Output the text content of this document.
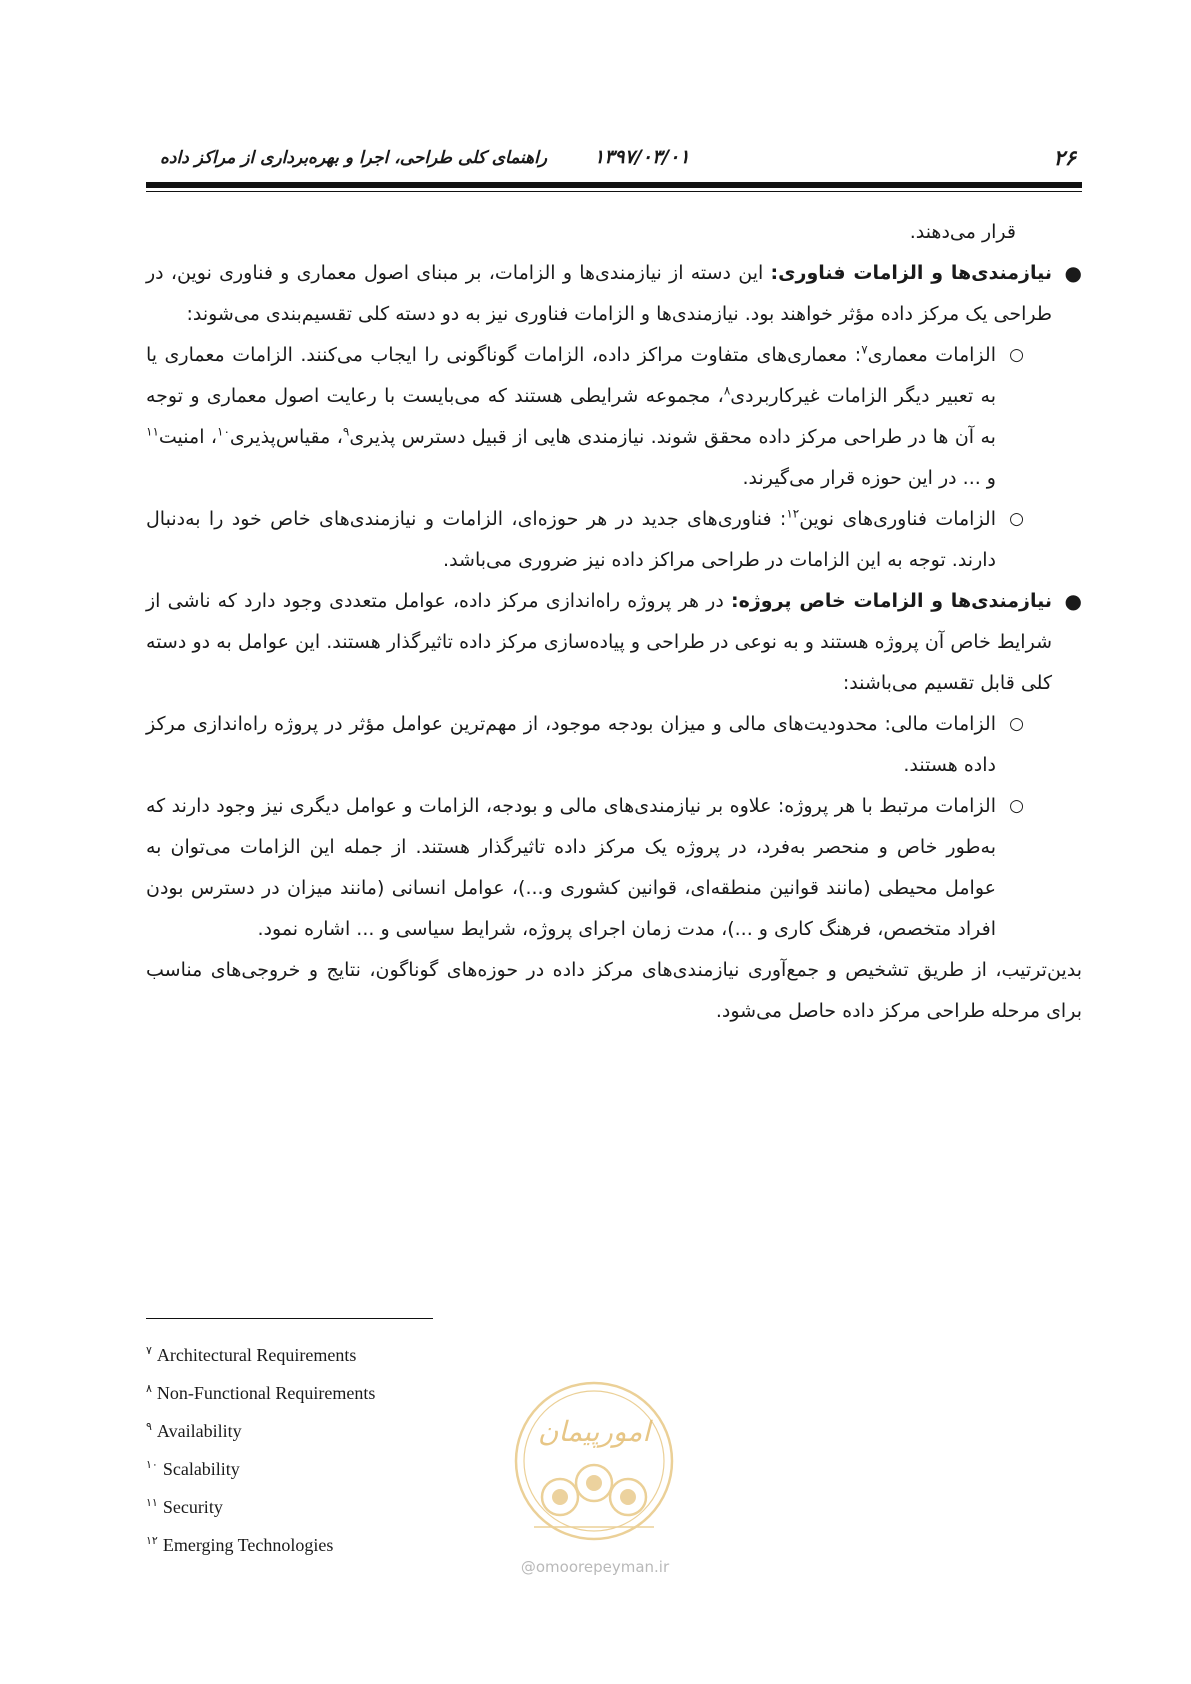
۲۶
۱۳۹۷/۰۳/۰۱
راهنمای کلی طراحی، اجرا و بهره‌برداری از مراکز داده

قرار می‌دهند.

●
نیازمندی‌ها و الزامات فناوری: این دسته از نیازمندی‌ها و الزامات، بر مبنای اصول معماری و فناوری نوین، در طراحی یک مرکز داده مؤثر خواهند بود. نیازمندی‌ها و الزامات فناوری نیز به دو دسته کلی تقسیم‌بندی می‌شوند:

○
الزامات معماری$^۷$: معماری‌های متفاوت مراکز داده، الزامات گوناگونی را ایجاب می‌کنند. الزامات معماری یا به تعبیر دیگر الزامات غیرکاربردی$^۸$، مجموعه شرایطی هستند که می‌بایست با رعایت اصول معماری و توجه به آن ها در طراحی مرکز داده محقق شوند. نیازمندی هایی از قبیل دسترس پذیری$^۹$، مقیاس‌پذیری$^{۱۰}$، امنیت$^{۱۱}$ و ... در این حوزه قرار می‌گیرند.

○
الزامات فناوری‌های نوین$^{۱۲}$: فناوری‌های جدید در هر حوزه‌ای، الزامات و نیازمندی‌های خاص خود را به‌دنبال دارند. توجه به این الزامات در طراحی مراکز داده نیز ضروری می‌باشد.

●
نیازمندی‌ها و الزامات خاص پروژه: در هر پروژه راه‌اندازی مرکز داده، عوامل متعددی وجود دارد که ناشی از شرایط خاص آن پروژه هستند و به نوعی در طراحی و پیاده‌سازی مرکز داده تاثیرگذار هستند. این عوامل به دو دسته کلی قابل تقسیم می‌باشند:

○
الزامات مالی: محدودیت‌های مالی و میزان بودجه موجود، از مهم‌ترین عوامل مؤثر در پروژه راه‌اندازی مرکز داده هستند.

○
الزامات مرتبط با هر پروژه: علاوه بر نیازمندی‌های مالی و بودجه، الزامات و عوامل دیگری نیز وجود دارند که به‌طور خاص و منحصر به‌فرد، در پروژه یک مرکز داده تاثیرگذار هستند. از جمله این الزامات می‌توان به عوامل محیطی (مانند قوانین منطقه‌ای، قوانین کشوری و...)، عوامل انسانی (مانند میزان در دسترس بودن افراد متخصص، فرهنگ کاری و ...)، مدت زمان اجرای پروژه، شرایط سیاسی و ... اشاره نمود.

بدین‌ترتیب، از طریق تشخیص و جمع‌آوری نیازمندی‌های مرکز داده در حوزه‌های گوناگون، نتایج و خروجی‌های مناسب برای مرحله طراحی مرکز داده حاصل می‌شود.

$^۷$ Architectural Requirements
$^۸$ Non-Functional Requirements
$^۹$ Availability
$^{۱۰}$ Scalability
$^{۱۱}$ Security
$^{۱۲}$ Emerging Technologies
امورپیمان
@omoorepeyman.ir
